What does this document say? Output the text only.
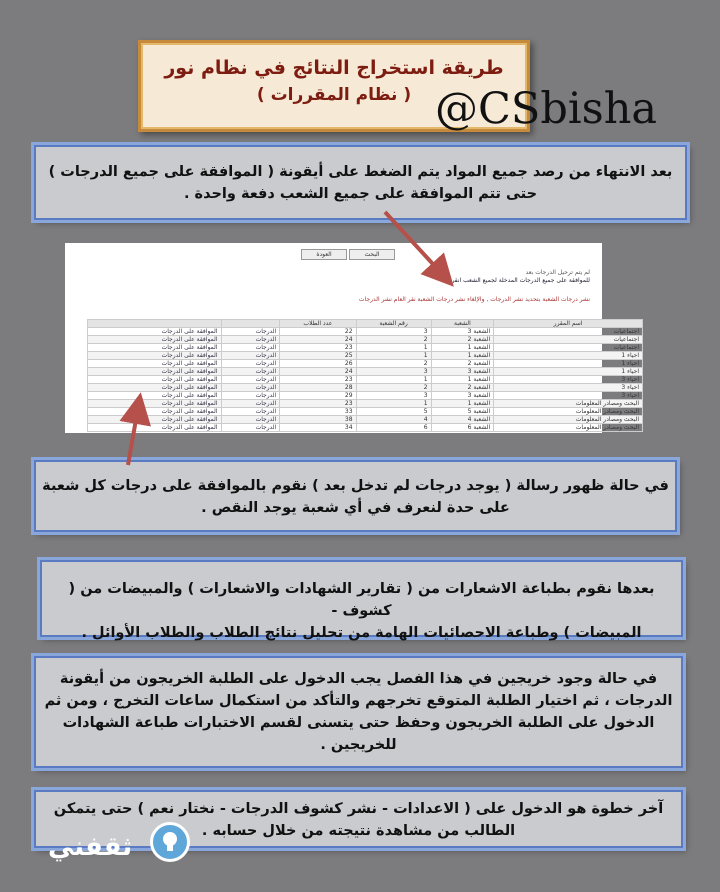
طريقة استخراج النتائج في نظام نور
( نظام المقررات ) @CSbisha

بعد الانتهاء من رصد جميع المواد يتم الضغط على أيقونة ( الموافقة على جميع الدرجات )

حتى تتم الموافقة على جميع الشعب دفعة واحدة .

العودة	البحث
لم يتم ترحيل الدرجات بعد
للموافقة على جميع الدرجات المدخلة لجميع الشعب انقر هنا
نشر درجات الشعبة بتحديد نشر الدرجات , والإلغاء نشر درجات الشعبة نقر العام نشر الدرجات
اسم المقرر	الشعبة	رقم الشعبة	عدد الطلاب		
اجتماعيات	الشعبة 3	3	22	الدرجات	الموافقة على الدرجات
اجتماعيات	الشعبة 2	2	24	الدرجات	الموافقة على الدرجات
اجتماعيات	الشعبة 1	1	23	الدرجات	الموافقة على الدرجات
احياء 1	الشعبة 1	1	25	الدرجات	الموافقة على الدرجات
احياء 1	الشعبة 2	2	26	الدرجات	الموافقة على الدرجات
احياء 1	الشعبة 3	3	24	الدرجات	الموافقة على الدرجات
احياء 3	الشعبة 1	1	23	الدرجات	الموافقة على الدرجات
احياء 3	الشعبة 2	2	28	الدرجات	الموافقة على الدرجات
احياء 3	الشعبة 3	3	29	الدرجات	الموافقة على الدرجات
البحث ومصادر المعلومات	الشعبة 1	1	23	الدرجات	الموافقة على الدرجات
البحث ومصادر المعلومات	الشعبة 5	5	33	الدرجات	الموافقة على الدرجات
البحث ومصادر المعلومات	الشعبة 4	4	38	الدرجات	الموافقة على الدرجات
البحث ومصادر المعلومات	الشعبة 6	6	34	الدرجات	الموافقة على الدرجات

في حالة ظهور رسالة ( يوجد درجات لم تدخل بعد ) نقوم بالموافقة على درجات كل شعبة

على حدة لنعرف في أي شعبة يوجد النقص .

بعدها نقوم بطباعة الاشعارات من ( تقارير الشهادات والاشعارات ) والمبيضات من ( كشوف -

المبيضات ) وطباعة الاحصائيات الهامة من تحليل نتائج الطلاب والطلاب الأوائل .

في حالة وجود خريجين في هذا الفصل يجب الدخول على الطلبة الخريجون من أيقونة

الدرجات ، ثم اختيار الطلبة المتوقع تخرجهم والتأكد من استكمال ساعات التخرج ، ومن ثم

الدخول على الطلبة الخريجون وحفظ حتى يتسنى لقسم الاختبارات طباعة الشهادات

للخريجين .

آخر خطوة هو الدخول على ( الاعدادات - نشر كشوف الدرجات - نختار نعم ) حتى يتمكن

الطالب من مشاهدة نتيجته من خلال حسابه .

ثقفني
